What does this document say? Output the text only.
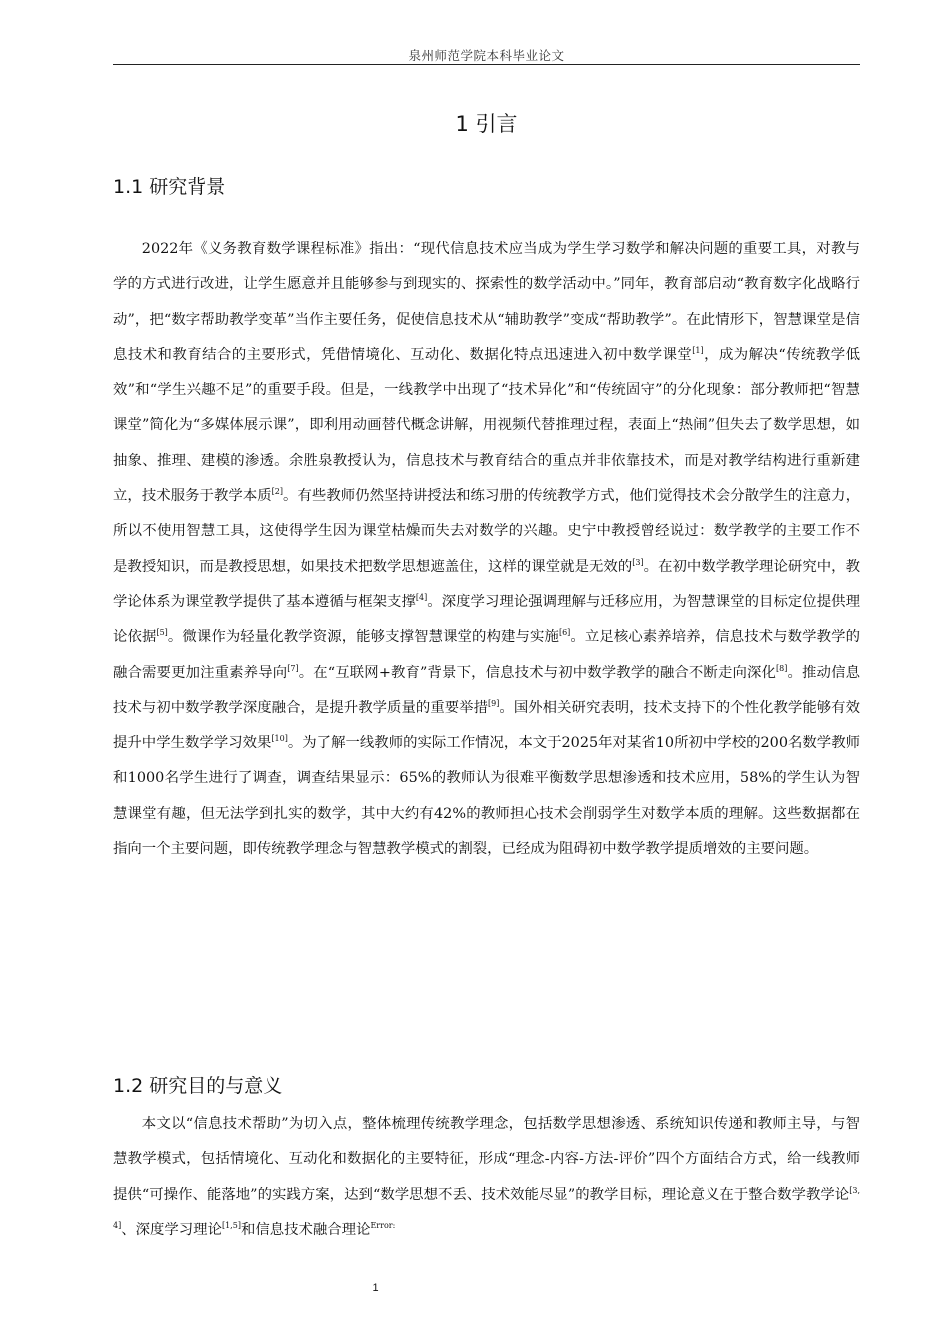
泉州师范学院本科毕业论文
1 引言
1.1 研究背景

2022年《义务教育数学课程标准》指出：“现代信息技术应当成为学生学习数学和解决问题的重要工具，对教与学的方式进行改进，让学生愿意并且能够参与到现实的、探索性的数学活动中。”同年，教育部启动“教育数字化战略行动”，把“数字帮助教学变革”当作主要任务，促使信息技术从“辅助教学”变成“帮助教学”。在此情形下，智慧课堂是信息技术和教育结合的主要形式，凭借情境化、互动化、数据化特点迅速进入初中数学课堂[1]，成为解决“传统教学低效”和“学生兴趣不足”的重要手段。但是，一线教学中出现了“技术异化”和“传统固守”的分化现象：部分教师把“智慧课堂”简化为“多媒体展示课”，即利用动画替代概念讲解，用视频代替推理过程，表面上“热闹”但失去了数学思想，如抽象、推理、建模的渗透。余胜泉教授认为，信息技术与教育结合的重点并非依靠技术，而是对教学结构进行重新建立，技术服务于教学本质[2]。有些教师仍然坚持讲授法和练习册的传统教学方式，他们觉得技术会分散学生的注意力，所以不使用智慧工具，这使得学生因为课堂枯燥而失去对数学的兴趣。史宁中教授曾经说过：数学教学的主要工作不是教授知识，而是教授思想，如果技术把数学思想遮盖住，这样的课堂就是无效的[3]。在初中数学教学理论研究中，教学论体系为课堂教学提供了基本遵循与框架支撑[4]。深度学习理论强调理解与迁移应用，为智慧课堂的目标定位提供理论依据[5]。微课作为轻量化教学资源，能够支撑智慧课堂的构建与实施[6]。立足核心素养培养，信息技术与数学教学的融合需要更加注重素养导向[7]。在“互联网+教育”背景下，信息技术与初中数学教学的融合不断走向深化[8]。推动信息技术与初中数学教学深度融合，是提升教学质量的重要举措[9]。国外相关研究表明，技术支持下的个性化教学能够有效提升中学生数学学习效果[10]。为了解一线教师的实际工作情况，本文于2025年对某省10所初中学校的200名数学教师和1000名学生进行了调查，调查结果显示：65%的教师认为很难平衡数学思想渗透和技术应用，58%的学生认为智慧课堂有趣，但无法学到扎实的数学，其中大约有42%的教师担心技术会削弱学生对数学本质的理解。这些数据都在指向一个主要问题，即传统教学理念与智慧教学模式的割裂，已经成为阻碍初中数学教学提质增效的主要问题。

1.2 研究目的与意义

本文以“信息技术帮助”为切入点，整体梳理传统教学理念，包括数学思想渗透、系统知识传递和教师主导，与智慧教学模式，包括情境化、互动化和数据化的主要特征，形成“理念-内容-方法-评价”四个方面结合方式，给一线教师提供“可操作、能落地”的实践方案，达到“数学思想不丢、技术效能尽显”的教学目标，理论意义在于整合数学教学论[3,4]、深度学习理论[1,5]和信息技术融合理论$^{Error:}$

1
